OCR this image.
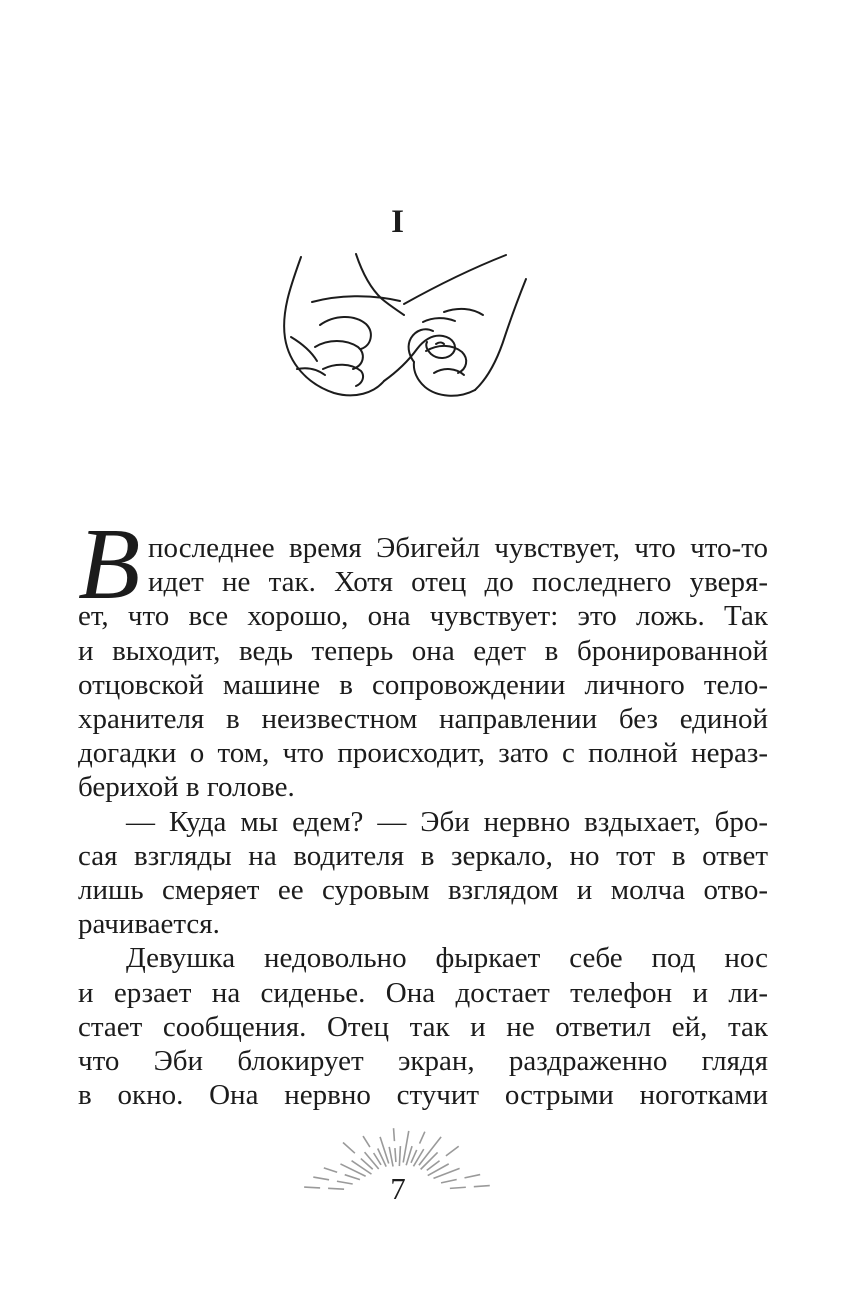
I
В последнее время Эбигейл чувствует, что что-то
идет не так. Хотя отец до последнего уверя-
ет, что все хорошо, она чувствует: это ложь. Так
и выходит, ведь теперь она едет в бронированной
отцовской машине в сопровождении личного тело-
хранителя в неизвестном направлении без единой
догадки о том, что происходит, зато с полной нераз-
берихой в голове.
— Куда мы едем? — Эби нервно вздыхает, бро-
сая взгляды на водителя в зеркало, но тот в ответ
лишь смеряет ее суровым взглядом и молча отво-
рачивается.
Девушка недовольно фыркает себе под нос
и ерзает на сиденье. Она достает телефон и ли-
стает сообщения. Отец так и не ответил ей, так
что Эби блокирует экран, раздраженно глядя
в окно. Она нервно стучит острыми ноготками
7
